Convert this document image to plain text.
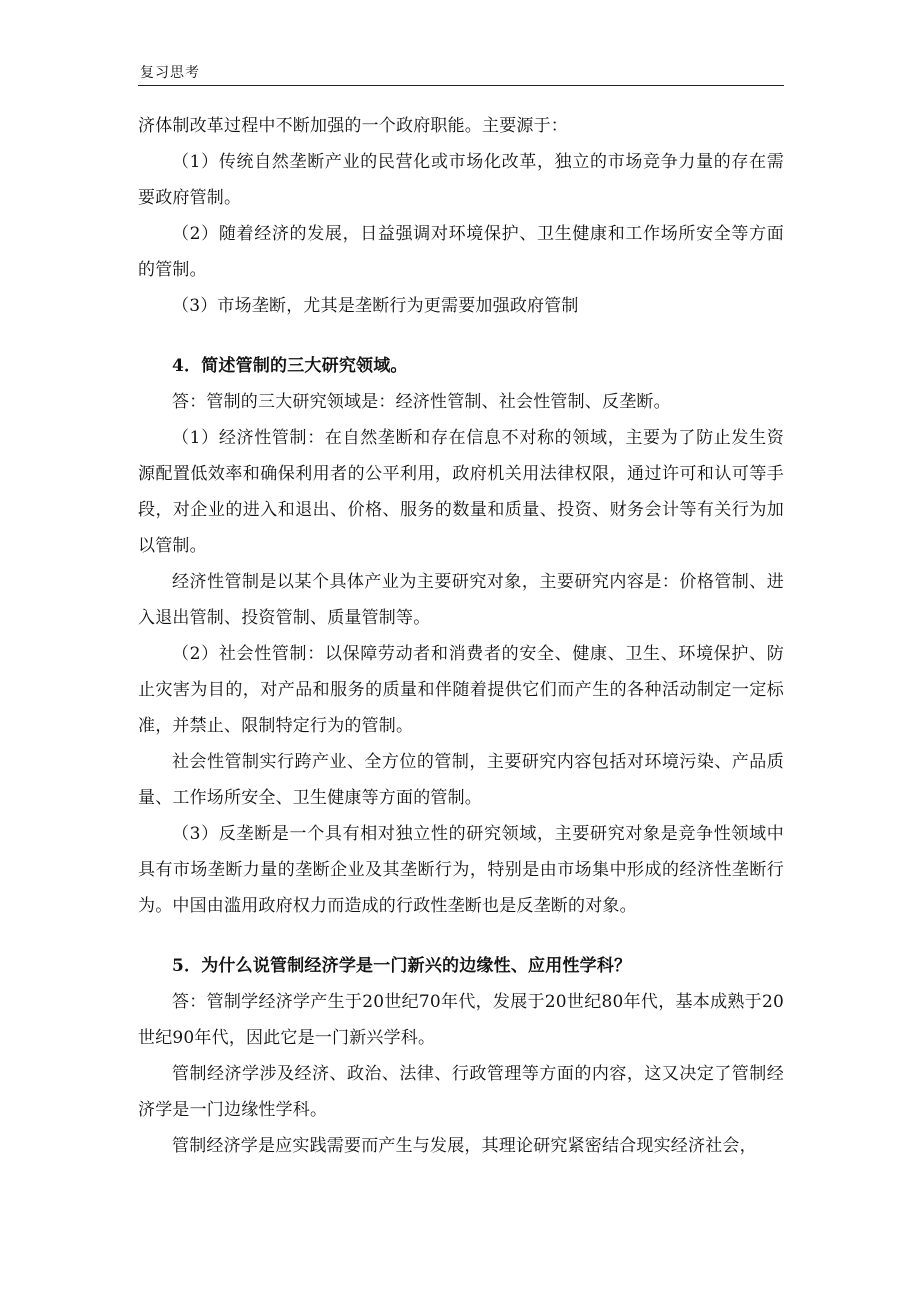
复习思考

济体制改革过程中不断加强的一个政府职能。主要源于：

（1）传统自然垄断产业的民营化或市场化改革，独立的市场竞争力量的存在需要政府管制。

（2）随着经济的发展，日益强调对环境保护、卫生健康和工作场所安全等方面的管制。

（3）市场垄断，尤其是垄断行为更需要加强政府管制

4．简述管制的三大研究领域。

答：管制的三大研究领域是：经济性管制、社会性管制、反垄断。

（1）经济性管制：在自然垄断和存在信息不对称的领域，主要为了防止发生资源配置低效率和确保利用者的公平利用，政府机关用法律权限，通过许可和认可等手段，对企业的进入和退出、价格、服务的数量和质量、投资、财务会计等有关行为加以管制。

经济性管制是以某个具体产业为主要研究对象，主要研究内容是：价格管制、进入退出管制、投资管制、质量管制等。

（2）社会性管制：以保障劳动者和消费者的安全、健康、卫生、环境保护、防止灾害为目的，对产品和服务的质量和伴随着提供它们而产生的各种活动制定一定标准，并禁止、限制特定行为的管制。

社会性管制实行跨产业、全方位的管制，主要研究内容包括对环境污染、产品质量、工作场所安全、卫生健康等方面的管制。

（3）反垄断是一个具有相对独立性的研究领域，主要研究对象是竞争性领域中具有市场垄断力量的垄断企业及其垄断行为，特别是由市场集中形成的经济性垄断行为。中国由滥用政府权力而造成的行政性垄断也是反垄断的对象。

5．为什么说管制经济学是一门新兴的边缘性、应用性学科？

答：管制学经济学产生于20世纪70年代，发展于20世纪80年代，基本成熟于20世纪90年代，因此它是一门新兴学科。

管制经济学涉及经济、政治、法律、行政管理等方面的内容，这又决定了管制经济学是一门边缘性学科。

管制经济学是应实践需要而产生与发展，其理论研究紧密结合现实经济社会，
